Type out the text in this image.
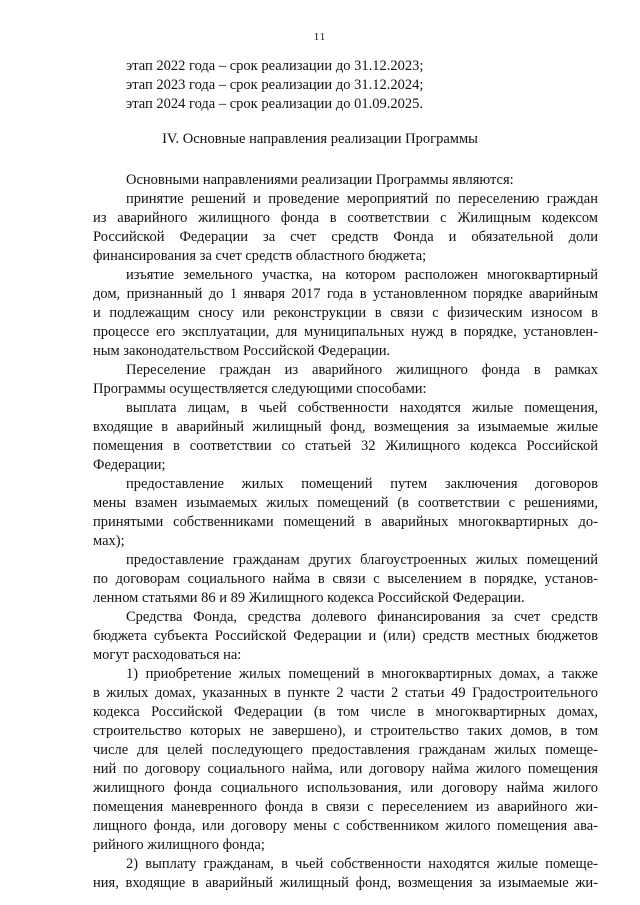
11
этап 2022 года – срок реализации до 31.12.2023;
этап 2023 года – срок реализации до 31.12.2024;
этап 2024 года – срок реализации до 01.09.2025.
IV. Основные направления реализации Программы
Основными направлениями реализации Программы являются:
принятие решений и проведение мероприятий по переселению граждан
из аварийного жилищного фонда в соответствии с Жилищным кодексом
Российской Федерации за счет средств Фонда и обязательной доли
финансирования за счет средств областного бюджета;
изъятие земельного участка, на котором расположен многоквартирный
дом, признанный до 1 января 2017 года в установленном порядке аварийным
и подлежащим сносу или реконструкции в связи с физическим износом в
процессе его эксплуатации, для муниципальных нужд в порядке, установлен-
ным законодательством Российской Федерации.
Переселение граждан из аварийного жилищного фонда в рамках
Программы осуществляется следующими способами:
выплата лицам, в чьей собственности находятся жилые помещения,
входящие в аварийный жилищный фонд, возмещения за изымаемые жилые
помещения в соответствии со статьей 32 Жилищного кодекса Российской
Федерации;
предоставление жилых помещений путем заключения договоров
мены взамен изымаемых жилых помещений (в соответствии с решениями,
принятыми собственниками помещений в аварийных многоквартирных до-
мах);
предоставление гражданам других благоустроенных жилых помещений
по договорам социального найма в связи с выселением в порядке, установ-
ленном статьями 86 и 89 Жилищного кодекса Российской Федерации.
Средства Фонда, средства долевого финансирования за счет средств
бюджета субъекта Российской Федерации и (или) средств местных бюджетов
могут расходоваться на:
1) приобретение жилых помещений в многоквартирных домах, а также
в жилых домах, указанных в пункте 2 части 2 статьи 49 Градостроительного
кодекса Российской Федерации (в том числе в многоквартирных домах,
строительство которых не завершено), и строительство таких домов, в том
числе для целей последующего предоставления гражданам жилых помеще-
ний по договору социального найма, или договору найма жилого помещения
жилищного фонда социального использования, или договору найма жилого
помещения маневренного фонда в связи с переселением из аварийного жи-
лищного фонда, или договору мены с собственником жилого помещения ава-
рийного жилищного фонда;
2) выплату гражданам, в чьей собственности находятся жилые помеще-
ния, входящие в аварийный жилищный фонд, возмещения за изымаемые жи-
